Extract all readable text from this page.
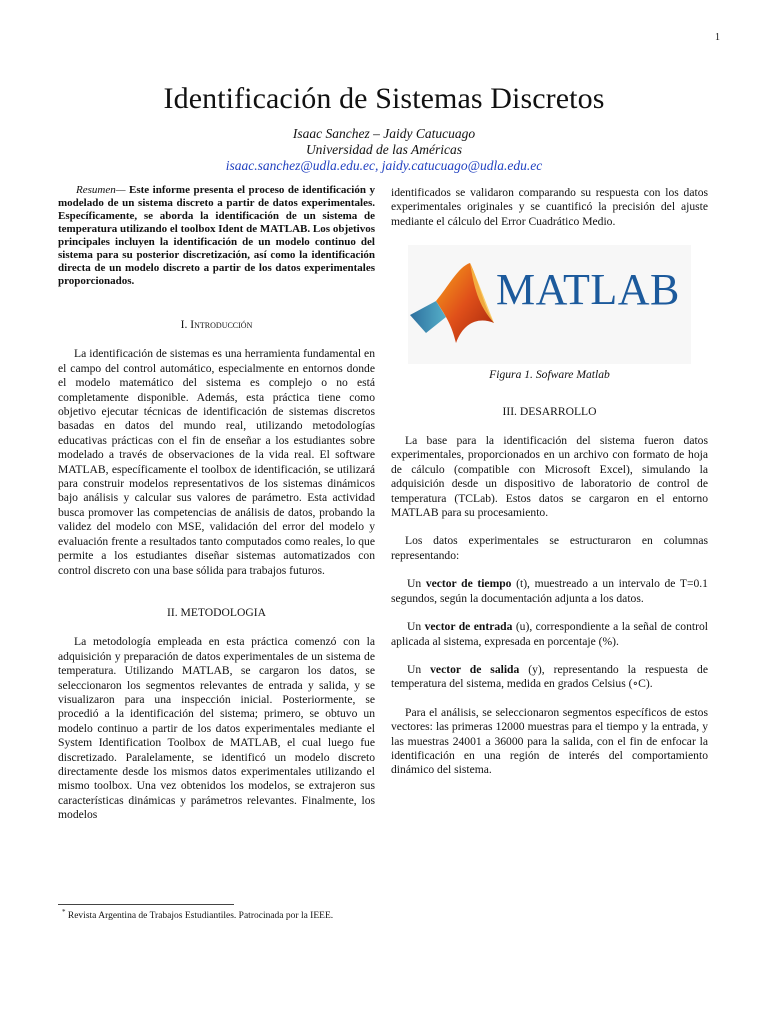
1
Identificación de Sistemas Discretos
Isaac Sanchez – Jaidy Catucuago
Universidad de las Américas
isaac.sanchez@udla.edu.ec, jaidy.catucuago@udla.edu.ec

Resumen— Este informe presenta el proceso de identificación y modelado de un sistema discreto a partir de datos experimentales. Específicamente, se aborda la identificación de un sistema de temperatura utilizando el toolbox Ident de MATLAB. Los objetivos principales incluyen la identificación de un modelo continuo del sistema para su posterior discretización, así como la identificación directa de un modelo discreto a partir de los datos experimentales proporcionados.

I. Introducción

La identificación de sistemas es una herramienta fundamental en el campo del control automático, especialmente en entornos donde el modelo matemático del sistema es complejo o no está completamente disponible. Además, esta práctica tiene como objetivo ejecutar técnicas de identificación de sistemas discretos basadas en datos del mundo real, utilizando metodologías educativas prácticas con el fin de enseñar a los estudiantes sobre modelado a través de observaciones de la vida real. El software MATLAB, específicamente el toolbox de identificación, se utilizará para construir modelos representativos de los sistemas dinámicos bajo análisis y calcular sus valores de parámetro. Esta actividad busca promover las competencias de análisis de datos, probando la validez del modelo con MSE, validación del error del modelo y evaluación frente a resultados tanto computados como reales, lo que permite a los estudiantes diseñar sistemas automatizados con control discreto con una base sólida para trabajos futuros.

II. METODOLOGIA

La metodología empleada en esta práctica comenzó con la adquisición y preparación de datos experimentales de un sistema de temperatura. Utilizando MATLAB, se cargaron los datos, se seleccionaron los segmentos relevantes de entrada y salida, y se visualizaron para una inspección inicial. Posteriormente, se procedió a la identificación del sistema; primero, se obtuvo un modelo continuo a partir de los datos experimentales mediante el System Identification Toolbox de MATLAB, el cual luego fue discretizado. Paralelamente, se identificó un modelo discreto directamente desde los mismos datos experimentales utilizando el mismo toolbox. Una vez obtenidos los modelos, se extrajeron sus características dinámicas y parámetros relevantes. Finalmente, los modelos

identificados se validaron comparando su respuesta con los datos experimentales originales y se cuantificó la precisión del ajuste mediante el cálculo del Error Cuadrático Medio.

MATLAB

Figura 1. Sofware Matlab

III. DESARROLLO

La base para la identificación del sistema fueron datos experimentales, proporcionados en un archivo con formato de hoja de cálculo (compatible con Microsoft Excel), simulando la adquisición desde un dispositivo de laboratorio de control de temperatura (TCLab). Estos datos se cargaron en el entorno MATLAB para su procesamiento.

Los datos experimentales se estructuraron en columnas representando:

Un vector de tiempo (t), muestreado a un intervalo de T=0.1 segundos, según la documentación adjunta a los datos.

Un vector de entrada (u), correspondiente a la señal de control aplicada al sistema, expresada en porcentaje (%).

Un vector de salida (y), representando la respuesta de temperatura del sistema, medida en grados Celsius (∘C).

Para el análisis, se seleccionaron segmentos específicos de estos vectores: las primeras 12000 muestras para el tiempo y la entrada, y las muestras 24001 a 36000 para la salida, con el fin de enfocar la identificación en una región de interés del comportamiento dinámico del sistema.

* Revista Argentina de Trabajos Estudiantiles. Patrocinada por la IEEE.
